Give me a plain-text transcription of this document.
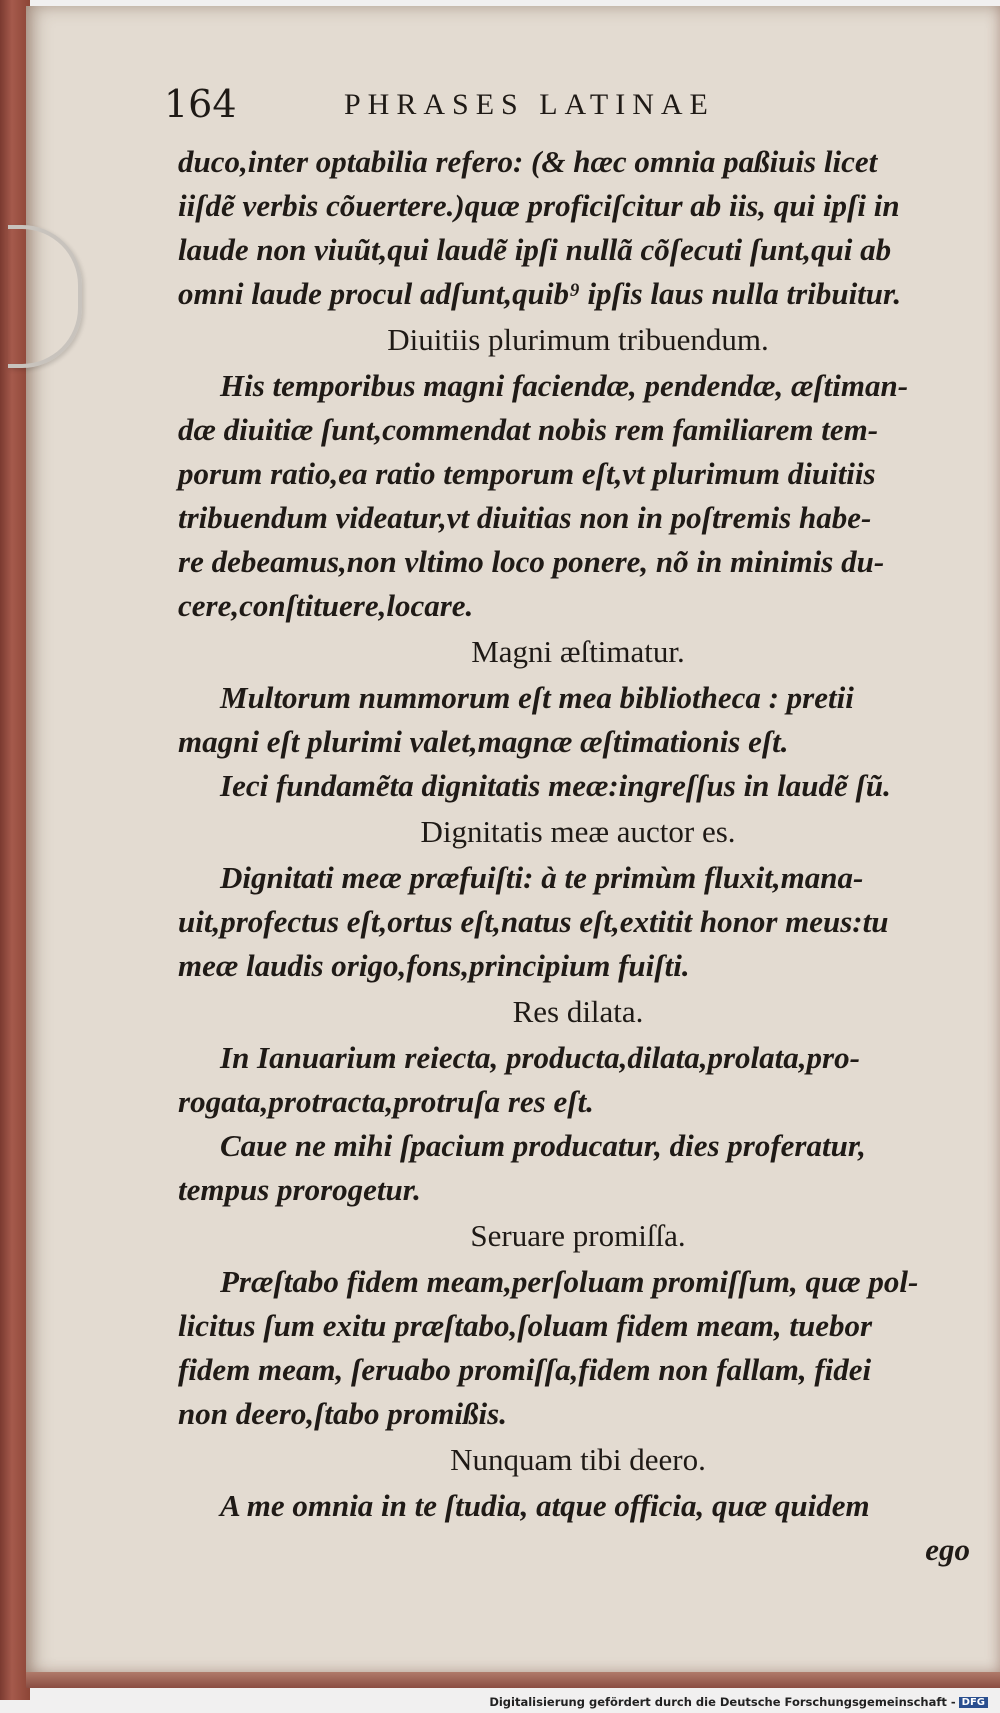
164	PHRASES LATINAE
duco,inter optabilia refero: (& hæc omnia paßiuis licet
iiſdẽ verbis cõuertere.)quæ proficiſcitur ab iis, qui ipſi in
laude non viuũt,qui laudẽ ipſi nullã cõſecuti ſunt,qui ab
omni laude procul adſunt,quib⁹ ipſis laus nulla tribuitur.
Diuitiis plurimum tribuendum.
His temporibus magni faciendæ, pendendæ, æſtiman-
dæ diuitiæ ſunt,commendat nobis rem familiarem tem-
porum ratio,ea ratio temporum eſt,vt plurimum diuitiis
tribuendum videatur,vt diuitias non in poſtremis habe-
re debeamus,non vltimo loco ponere, nõ in minimis du-
cere,conſtituere,locare.
Magni æſtimatur.
Multorum nummorum eſt mea bibliotheca : pretii
magni eſt plurimi valet,magnæ æſtimationis eſt.
Ieci fundamẽta dignitatis meæ:ingreſſus in laudẽ ſũ.
Dignitatis meæ auctor es.
Dignitati meæ præfuiſti: à te primùm fluxit,mana-
uit,profectus eſt,ortus eſt,natus eſt,extitit honor meus:tu
meæ laudis origo,fons,principium fuiſti.
Res dilata.
In Ianuarium reiecta, producta,dilata,prolata,pro-
rogata,protracta,protruſa res eſt.
Caue ne mihi ſpacium producatur, dies proferatur,
tempus prorogetur.
Seruare promiſſa.
Præſtabo fidem meam,perſoluam promiſſum, quæ pol-
licitus ſum exitu præſtabo,ſoluam fidem meam, tuebor
fidem meam, ſeruabo promiſſa,fidem non fallam, fidei
non deero,ſtabo promißis.
Nunquam tibi deero.
A me omnia in te ſtudia, atque officia, quæ quidem
ego
Digitalisierung gefördert durch die Deutsche Forschungsgemeinschaft - DFG
